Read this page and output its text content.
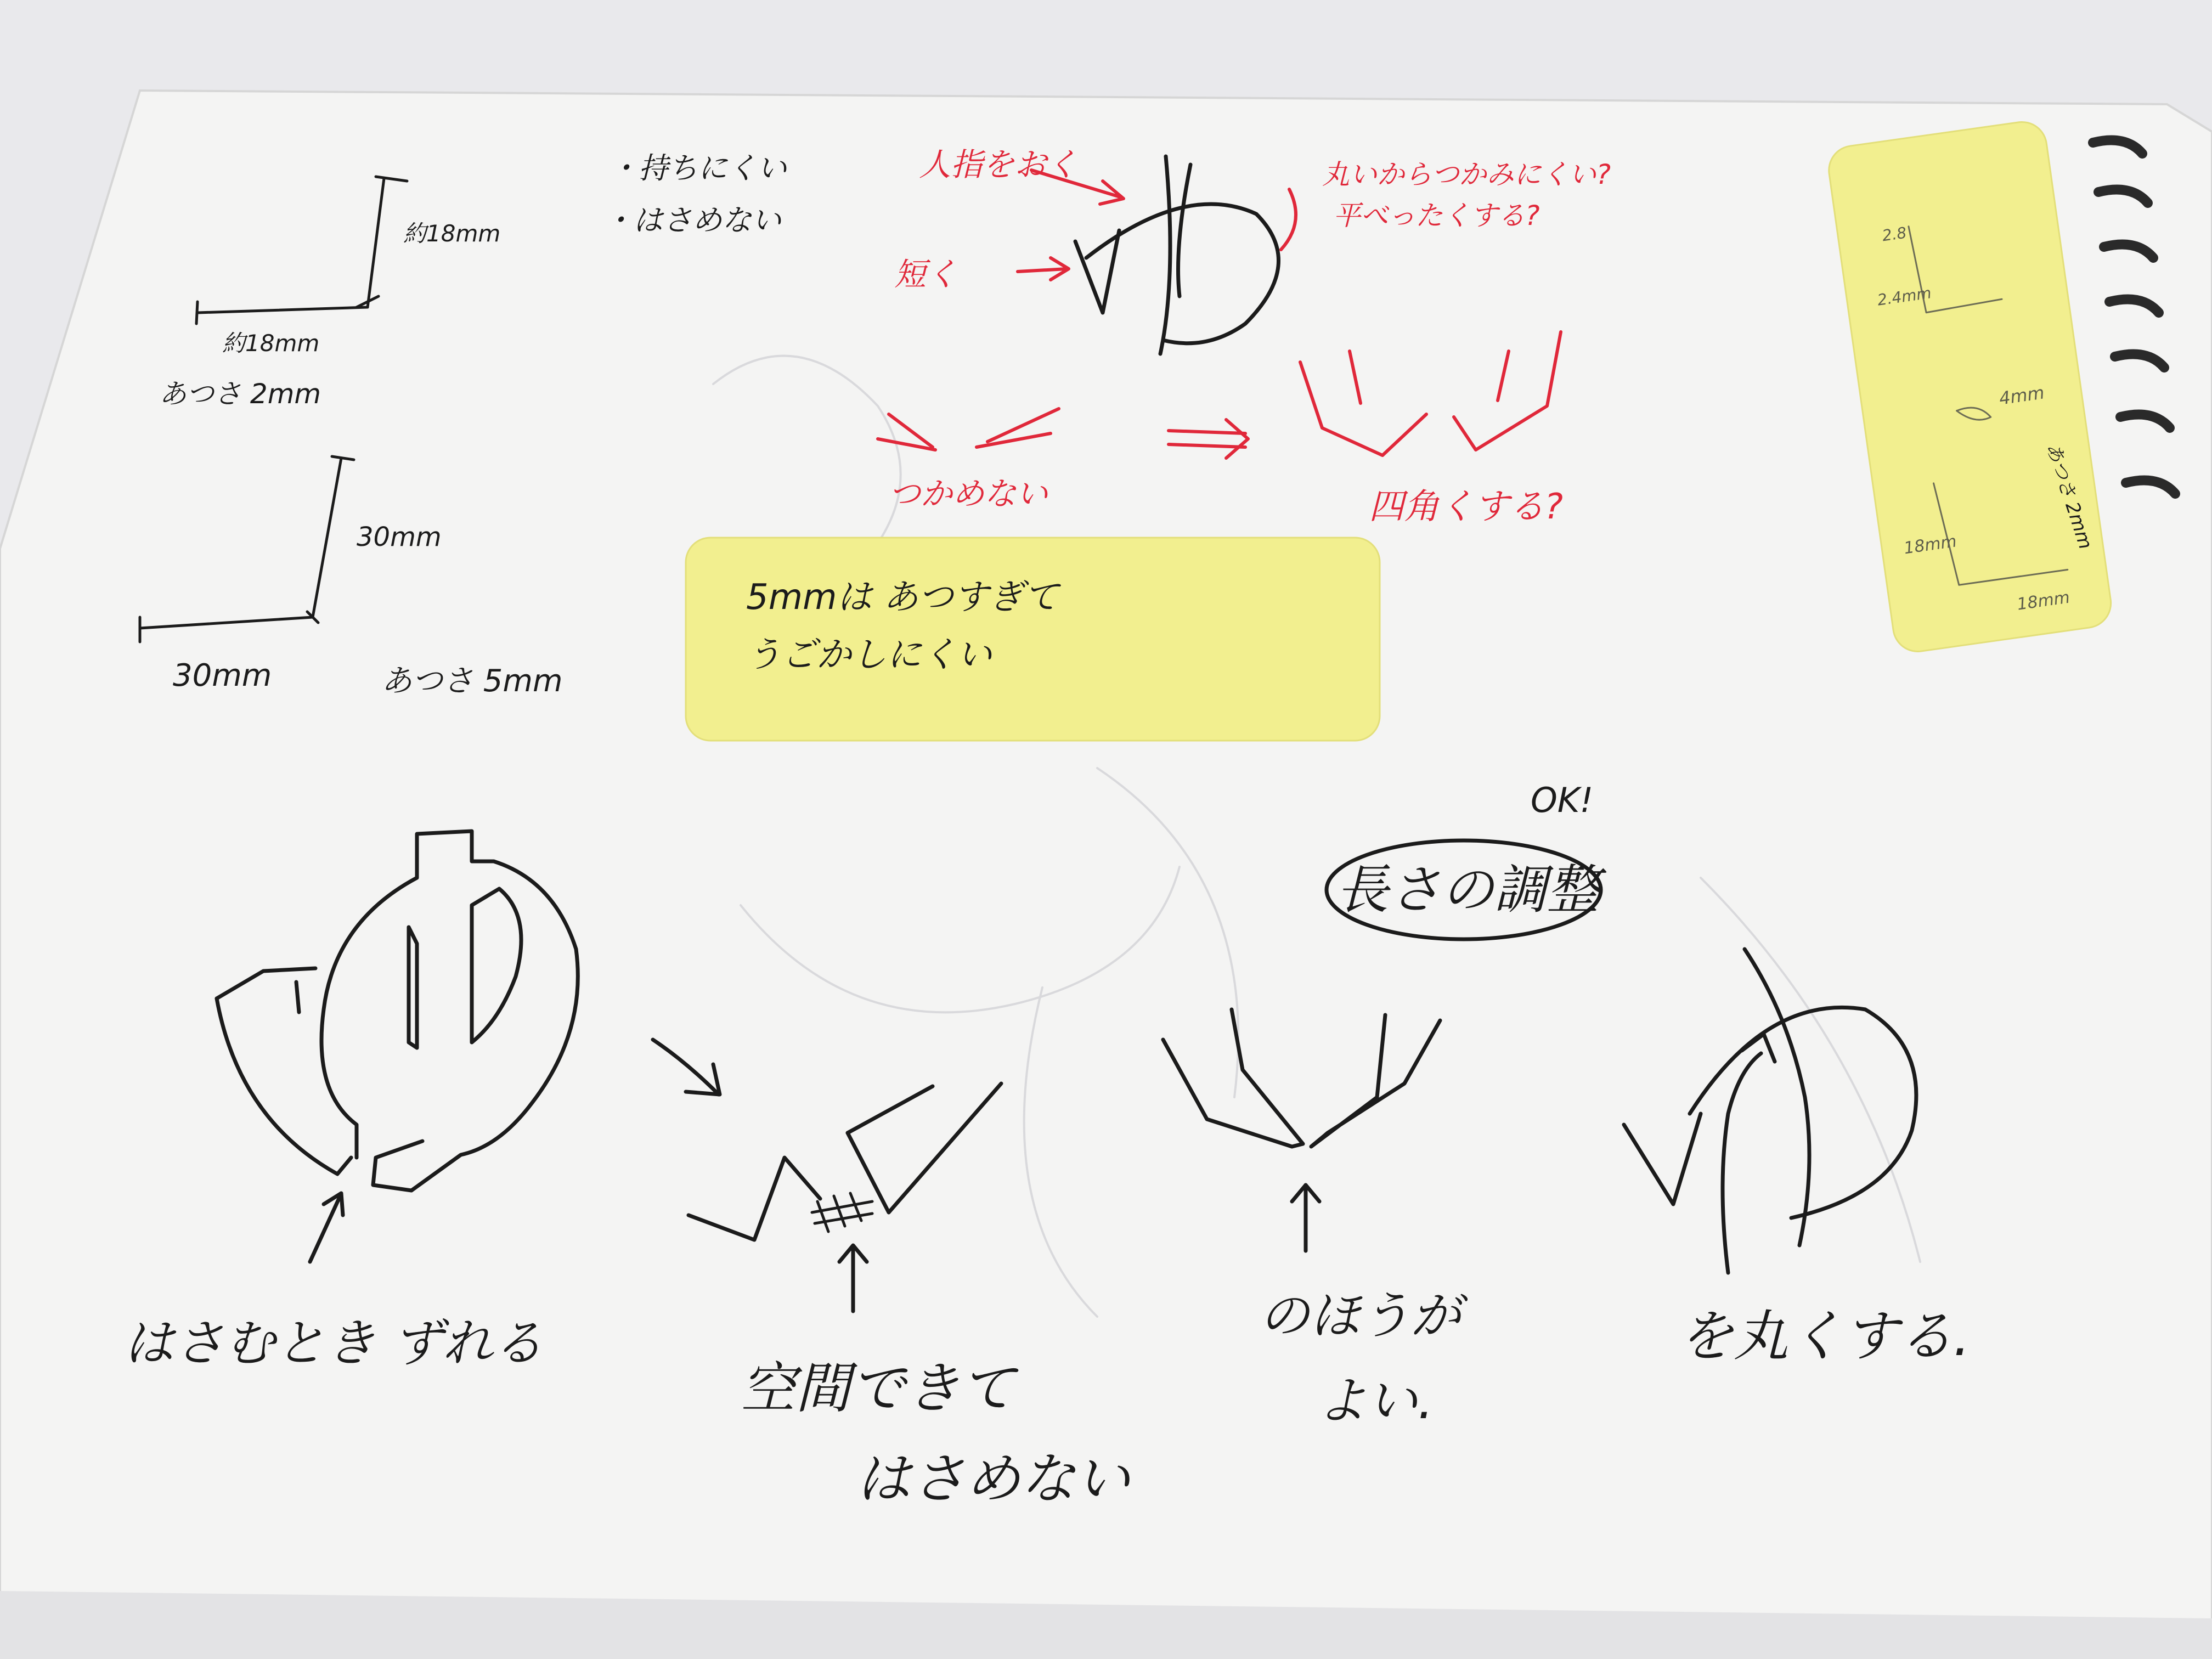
約18mm
約18mm
あつさ 2mm
30mm
30mm	あつさ 5mm
・持ちにくい
・はさめない
人指をおく
短く
丸いからつかみにくい?
平べったくする?
つかめない	四角くする?
5mmは あつすぎて
うごかしにくい
2.8
2.4mm
4mm
18mm
18mm
あつさ 2mm
はさむとき ずれる
空間できて
はさめない
のほうが
よい.
OK!
長さの調整
を丸くする.
